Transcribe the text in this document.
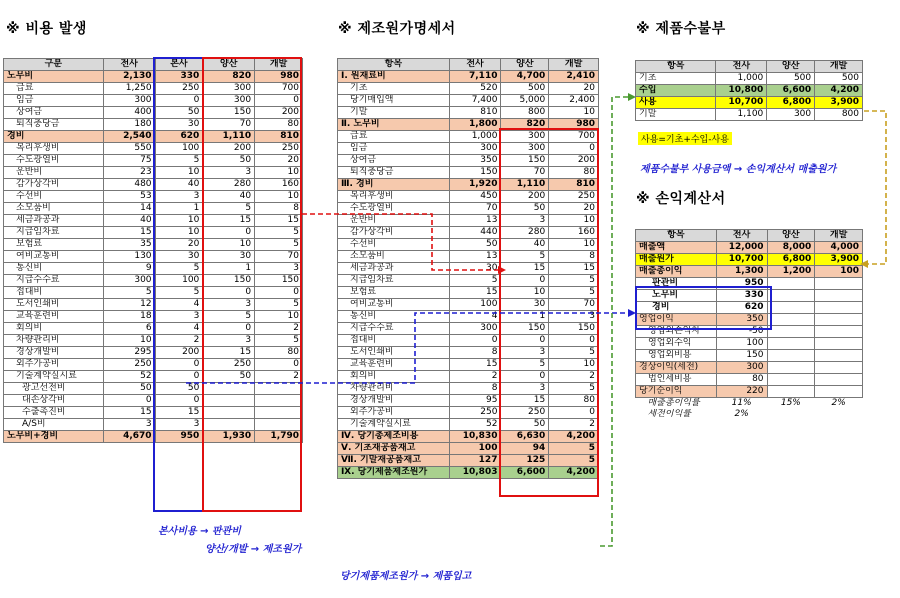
※ 비용 발생	※ 제조원가명세서	※ 제품수불부
※ 손익계산서
구분	전사	본사	양산	개발
노무비	2,130	330	820	980
급료	1,250	250	300	700
임금	300	0	300	0
상여금	400	50	150	200
퇴직충당금	180	30	70	80
경비	2,540	620	1,110	810
복리후생비	550	100	200	250
수도광열비	75	5	50	20
운반비	23	10	3	10
감가상각비	480	40	280	160
수선비	53	3	40	10
소모품비	14	1	5	8
세금과공과	40	10	15	15
지급임차료	15	10	0	5
보험료	35	20	10	5
여비교통비	130	30	30	70
통신비	9	5	1	3
지급수수료	300	100	150	150
접대비	5	5	0	0
도서인쇄비	12	4	3	5
교육훈련비	18	3	5	10
회의비	6	4	0	2
차량관리비	10	2	3	5
경상개발비	295	200	15	80
외주가공비	250	0	250	0
기술계약실시료	52	0	50	2
광고선전비	50	50		
대손상각비	0	0		
수출촉진비	15	15		
A/S비	3	3		
노무비+경비	4,670	950	1,930	1,790
항목	전사	양산	개발
Ⅰ. 원재료비	7,110	4,700	2,410
기초	520	500	20
당기매입액	7,400	5,000	2,400
기말	810	800	10
Ⅱ. 노무비	1,800	820	980
급료	1,000	300	700
임금	300	300	0
상여금	350	150	200
퇴직충당금	150	70	80
Ⅲ. 경비	1,920	1,110	810
복리후생비	450	200	250
수도광열비	70	50	20
운반비	13	3	10
감가상각비	440	280	160
수선비	50	40	10
소모품비	13	5	8
세금과공과	30	15	15
지급임차료	5	0	5
보험료	15	10	5
여비교통비	100	30	70
통신비	4	1	3
지급수수료	300	150	150
접대비	0	0	0
도서인쇄비	8	3	5
교육훈련비	15	5	10
회의비	2	0	2
차량관리비	8	3	5
경상개발비	95	15	80
외주가공비	250	250	0
기술계약실시료	52	50	2
Ⅳ. 당기총제조비용	10,830	6,630	4,200
Ⅴ. 기초재공품재고	100	94	5
Ⅶ. 기말재공품재고	127	125	5
Ⅸ. 당기제품제조원가	10,803	6,600	4,200
항목	전사	양산	개발
기초	1,000	500	500
수입	10,800	6,600	4,200
사용	10,700	6,800	3,900
기말	1,100	300	800
사용=기초+수입-사용
항목	전사	양산	개발
매출액	12,000	8,000	4,000
매출원가	10,700	6,800	3,900
매출총이익	1,300	1,200	100
판관비	950		
노무비	330		
경비	620		
영업이익	350		
영업외손익차	-50		
영업외수익	100		
영업외비용	150		
경상이익(세전)	300		
법인세비용	80		
당기순이익	220		
매출총이익률	11%	15%	2%
세전이익률	2%		
본사비용 → 판관비
양산/개발 → 제조원가
당기제품제조원가 → 제품입고
제품수불부 사용금액 → 손익계산서 매출원가
